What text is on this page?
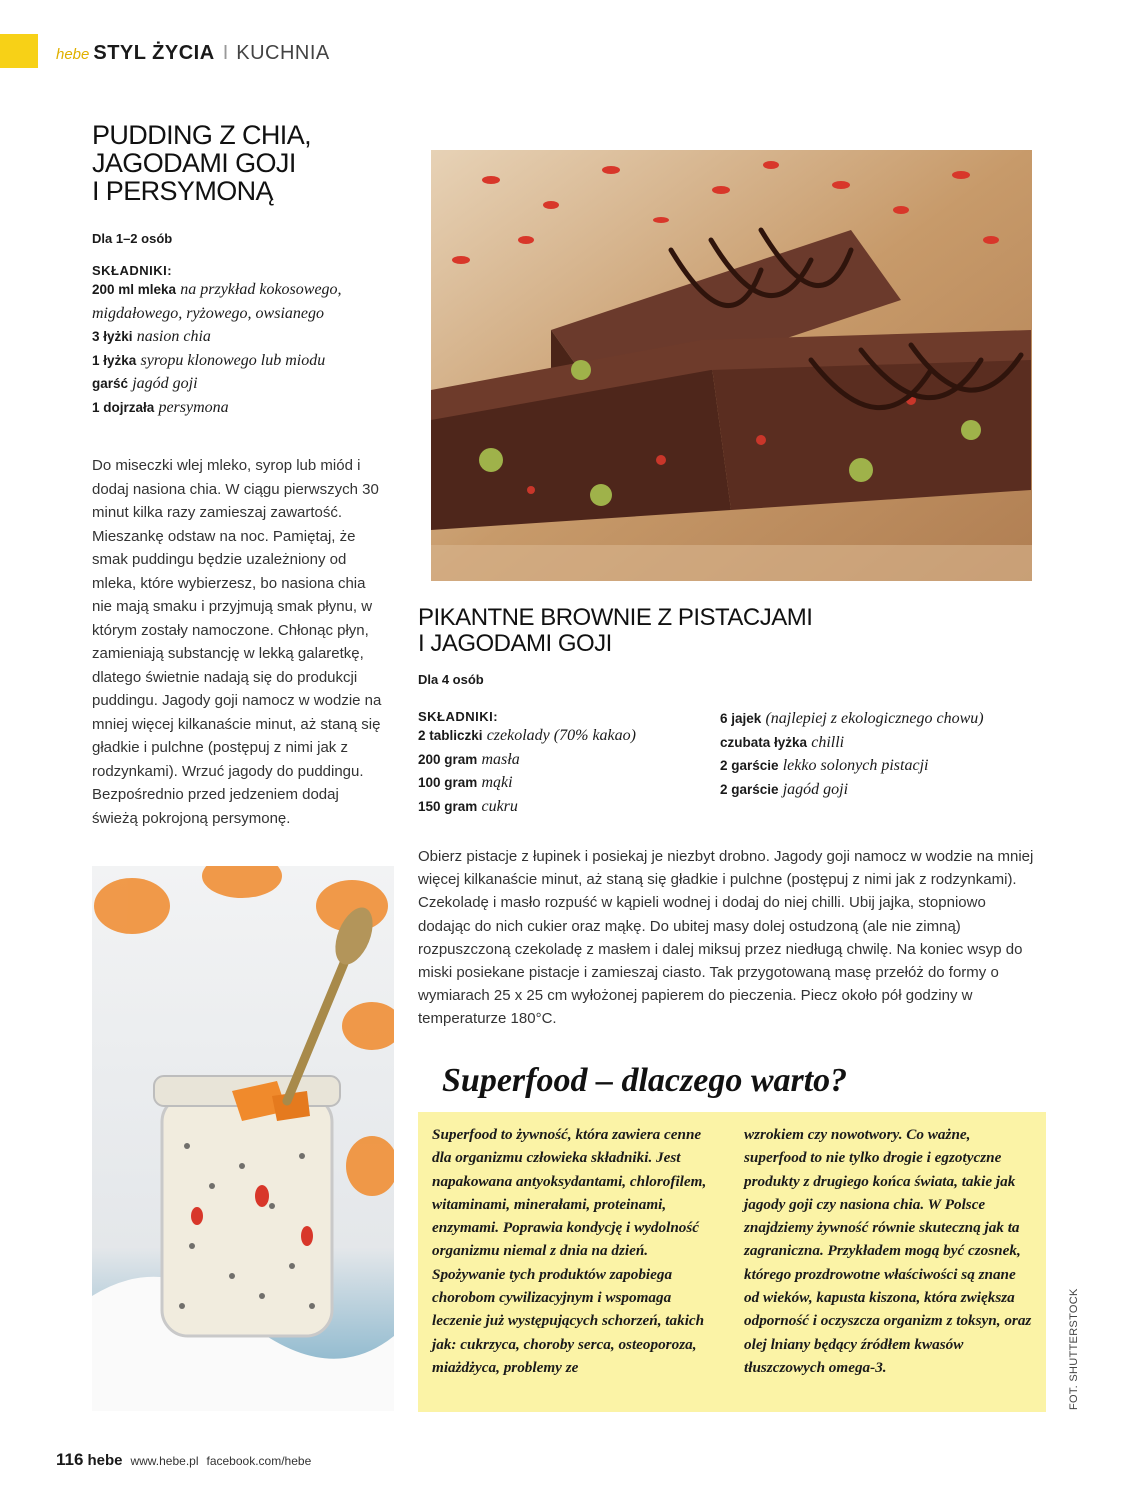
hebe STYL ŻYCIA I KUCHNIA
PUDDING Z CHIA,
JAGODAMI GOJI
I PERSYMONĄ
Dla 1–2 osób
SKŁADNIKI:
200 ml mleka na przykład kokosowego, migdałowego, ryżowego, owsianego
3 łyżki nasion chia
1 łyżka syropu klonowego lub miodu
garść jagód goji
1 dojrzała persymona
Do miseczki wlej mleko, syrop lub miód i dodaj nasiona chia. W ciągu pierwszych 30 minut kilka razy zamieszaj zawartość. Mieszankę odstaw na noc. Pamiętaj, że smak puddingu będzie uzależniony od mleka, które wybierzesz, bo nasiona chia nie mają smaku i przyjmują smak płynu, w którym zostały namoczone. Chłonąc płyn, zamieniają substancję w lekką galaretkę, dlatego świetnie nadają się do produkcji puddingu. Jagody goji namocz w wodzie na mniej więcej kilkanaście minut, aż staną się gładkie i pulchne (postępuj z nimi jak z rodzynkami). Wrzuć jagody do puddingu. Bezpośrednio przed jedzeniem dodaj świeżą pokrojoną persymonę.
PIKANTNE BROWNIE Z PISTACJAMI
I JAGODAMI GOJI
Dla 4 osób
SKŁADNIKI:
2 tabliczki czekolady (70% kakao)
200 gram masła
100 gram mąki
150 gram cukru
6 jajek (najlepiej z ekologicznego chowu)
czubata łyżka chilli
2 garście lekko solonych pistacji
2 garście jagód goji
Obierz pistacje z łupinek i posiekaj je niezbyt drobno. Jagody goji namocz w wodzie na mniej więcej kilkanaście minut, aż staną się gładkie i pulchne (postępuj z nimi jak z rodzynkami). Czekoladę i masło rozpuść w kąpieli wodnej i dodaj do niej chilli. Ubij jajka, stopniowo dodając do nich cukier oraz mąkę. Do ubitej masy dolej ostudzoną (ale nie zimną) rozpuszczoną czekoladę z masłem i dalej miksuj przez niedługą chwilę. Na koniec wsyp do miski posiekane pistacje i zamieszaj ciasto. Tak przygotowaną masę przełóż do formy o wymiarach 25 x 25 cm wyłożonej papierem do pieczenia. Piecz około pół godziny w temperaturze 180°C.
Superfood – dlaczego warto?
Superfood to żywność, która zawiera cenne dla organizmu człowieka składniki. Jest napakowana antyoksydantami, chlorofilem, witaminami, minerałami, proteinami, enzymami. Poprawia kondycję i wydolność organizmu niemal z dnia na dzień. Spożywanie tych produktów zapobiega chorobom cywilizacyjnym i wspomaga leczenie już występujących schorzeń, takich jak: cukrzyca, choroby serca, osteoporoza, miażdżyca, problemy ze
wzrokiem czy nowotwory. Co ważne, superfood to nie tylko drogie i egzotyczne produkty z drugiego końca świata, takie jak jagody goji czy nasiona chia. W Polsce znajdziemy żywność równie skuteczną jak ta zagraniczna. Przykładem mogą być czosnek, którego prozdrowotne właściwości są znane od wieków, kapusta kiszona, która zwiększa odporność i oczyszcza organizm z toksyn, oraz olej lniany będący źródłem kwasów tłuszczowych omega-3.	FOT. SHUTTERSTOCK
116 hebe www.hebe.pl facebook.com/hebe
